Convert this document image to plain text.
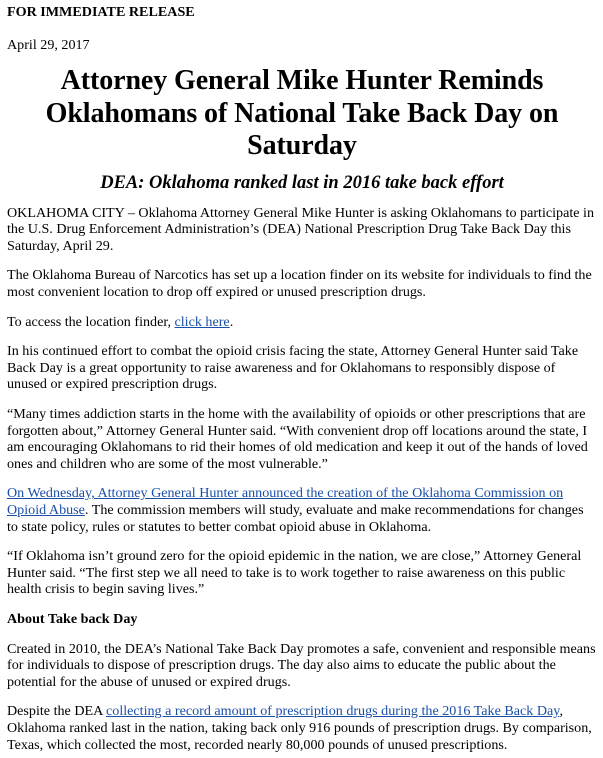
FOR IMMEDIATE RELEASE

April 29, 2017

Attorney General Mike Hunter Reminds Oklahomans of National Take Back Day on Saturday
DEA: Oklahoma ranked last in 2016 take back effort

OKLAHOMA CITY – Oklahoma Attorney General Mike Hunter is asking Oklahomans to participate in the U.S. Drug Enforcement Administration’s (DEA) National Prescription Drug Take Back Day this Saturday, April 29.

The Oklahoma Bureau of Narcotics has set up a location finder on its website for individuals to find the most convenient location to drop off expired or unused prescription drugs.

To access the location finder, click here.

In his continued effort to combat the opioid crisis facing the state, Attorney General Hunter said Take Back Day is a great opportunity to raise awareness and for Oklahomans to responsibly dispose of unused or expired prescription drugs.

“Many times addiction starts in the home with the availability of opioids or other prescriptions that are forgotten about,” Attorney General Hunter said. “With convenient drop off locations around the state, I am encouraging Oklahomans to rid their homes of old medication and keep it out of the hands of loved ones and children who are some of the most vulnerable.”

On Wednesday, Attorney General Hunter announced the creation of the Oklahoma Commission on Opioid Abuse. The commission members will study, evaluate and make recommendations for changes to state policy, rules or statutes to better combat opioid abuse in Oklahoma.

“If Oklahoma isn’t ground zero for the opioid epidemic in the nation, we are close,” Attorney General Hunter said. “The first step we all need to take is to work together to raise awareness on this public health crisis to begin saving lives.”

About Take back Day

Created in 2010, the DEA’s National Take Back Day promotes a safe, convenient and responsible means for individuals to dispose of prescription drugs. The day also aims to educate the public about the potential for the abuse of unused or expired drugs.

Despite the DEA collecting a record amount of prescription drugs during the 2016 Take Back Day, Oklahoma ranked last in the nation, taking back only 916 pounds of prescription drugs. By comparison, Texas, which collected the most, recorded nearly 80,000 pounds of unused prescriptions.
